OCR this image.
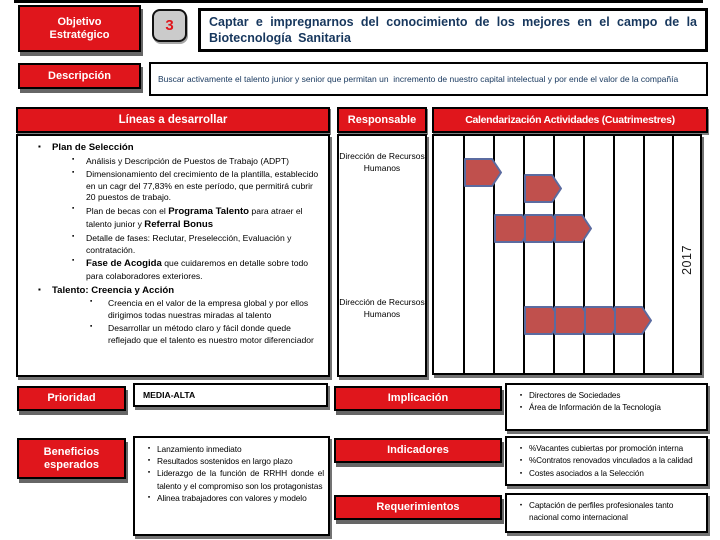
Objetivo Estratégico
3	Captar e impregnarnos del conocimiento de los mejores en el campo de la Biotecnología Sanitaria
Descripción	Buscar activamente el talento junior y senior que permitan un  incremento de nuestro capital intelectual y por ende el valor de la compañía
Líneas a desarrollar
▪	Plan de Selección
▪	Análisis y Descripción de Puestos de Trabajo (ADPT)
▪	Dimensionamiento del crecimiento de la plantilla, establecido en un cagr del 77,83% en este período, que permitirá cubrir 20 puestos de trabajo.
▪	Plan de becas con el Programa Talento para atraer el talento junior y Referral Bonus
▪	Detalle de fases: Reclutar, Preselección, Evaluación y contratación.
▪	Fase de Acogida que cuidaremos en detalle sobre todo para colaboradores exteriores.
▪	Talento: Creencia y Acción
▪	Creencia en el valor de la empresa global y por ellos dirigimos todas nuestras miradas al talento
▪	Desarrollar un método claro y fácil donde quede reflejado que el talento es nuestro motor diferenciador
Responsable
Dirección de Recursos Humanos
Dirección de Recursos Humanos
Calendarización Actividades (Cuatrimestres)
2017
Prioridad	MEDIA-ALTA	Implicación	▪ Directores de Sociedades
▪ Área de Información de la Tecnología
Beneficios esperados
▪ Lanzamiento inmediato
▪ Resultados sostenidos en largo plazo
▪ Liderazgo de la función de RRHH donde el talento y el compromiso son los protagonistas
▪ Alinea trabajadores con valores y modelo
Indicadores	▪ %Vacantes cubiertas por promoción interna
▪ %Contratos renovados vinculados a la calidad
▪ Costes asociados a la Selección
Requerimientos	• Captación de perfiles profesionales tanto nacional como internacional
